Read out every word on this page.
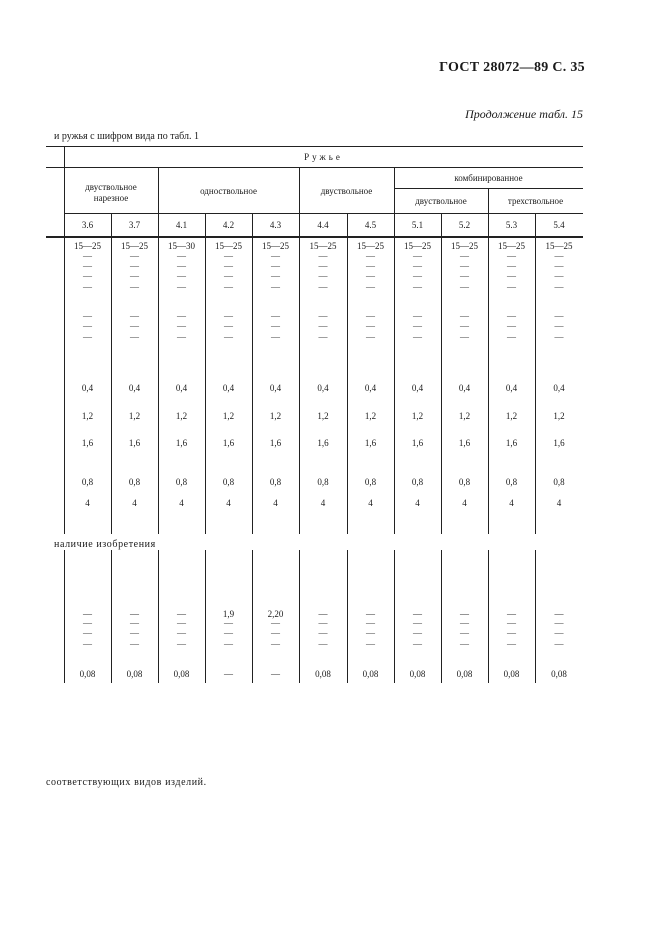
ГОСТ 28072—89 С. 35
Продолжение табл. 15
и ружья с шифром вида по табл. 1
Ружье
комбинированное
двуствольное
нарезное
одноствольное	двуствольное
двуствольное	трехствольное
3.6	3.7	4.1	4.2	4.3	4.4	4.5	5.1	5.2	5.3	5.4
15—25	15—25	15—30	15—25	15—25	15—25	15—25	15—25	15—25	15—25	15—25
—	—	—	—	—	—	—	—	—	—	—
—	—	—	—	—	—	—	—	—	—	—
—	—	—	—	—	—	—	—	—	—	—
—	—	—	—	—	—	—	—	—	—	—
—	—	—	—	—	—	—	—	—	—	—
—	—	—	—	—	—	—	—	—	—	—
—	—	—	—	—	—	—	—	—	—	—
0,4	0,4	0,4	0,4	0,4	0,4	0,4	0,4	0,4	0,4	0,4
1,2	1,2	1,2	1,2	1,2	1,2	1,2	1,2	1,2	1,2	1,2
1,6	1,6	1,6	1,6	1,6	1,6	1,6	1,6	1,6	1,6	1,6
0,8	0,8	0,8	0,8	0,8	0,8	0,8	0,8	0,8	0,8	0,8
4	4	4	4	4	4	4	4	4	4	4
наличие изобретения
—	—	—	1,9	2,20	—	—	—	—	—	—
—	—	—	—	—	—	—	—	—	—	—
—	—	—	—	—	—	—	—	—	—	—
—	—	—	—	—	—	—	—	—	—	—
0,08	0,08	0,08	—	—	0,08	0,08	0,08	0,08	0,08	0,08
соответствующих видов изделий.
